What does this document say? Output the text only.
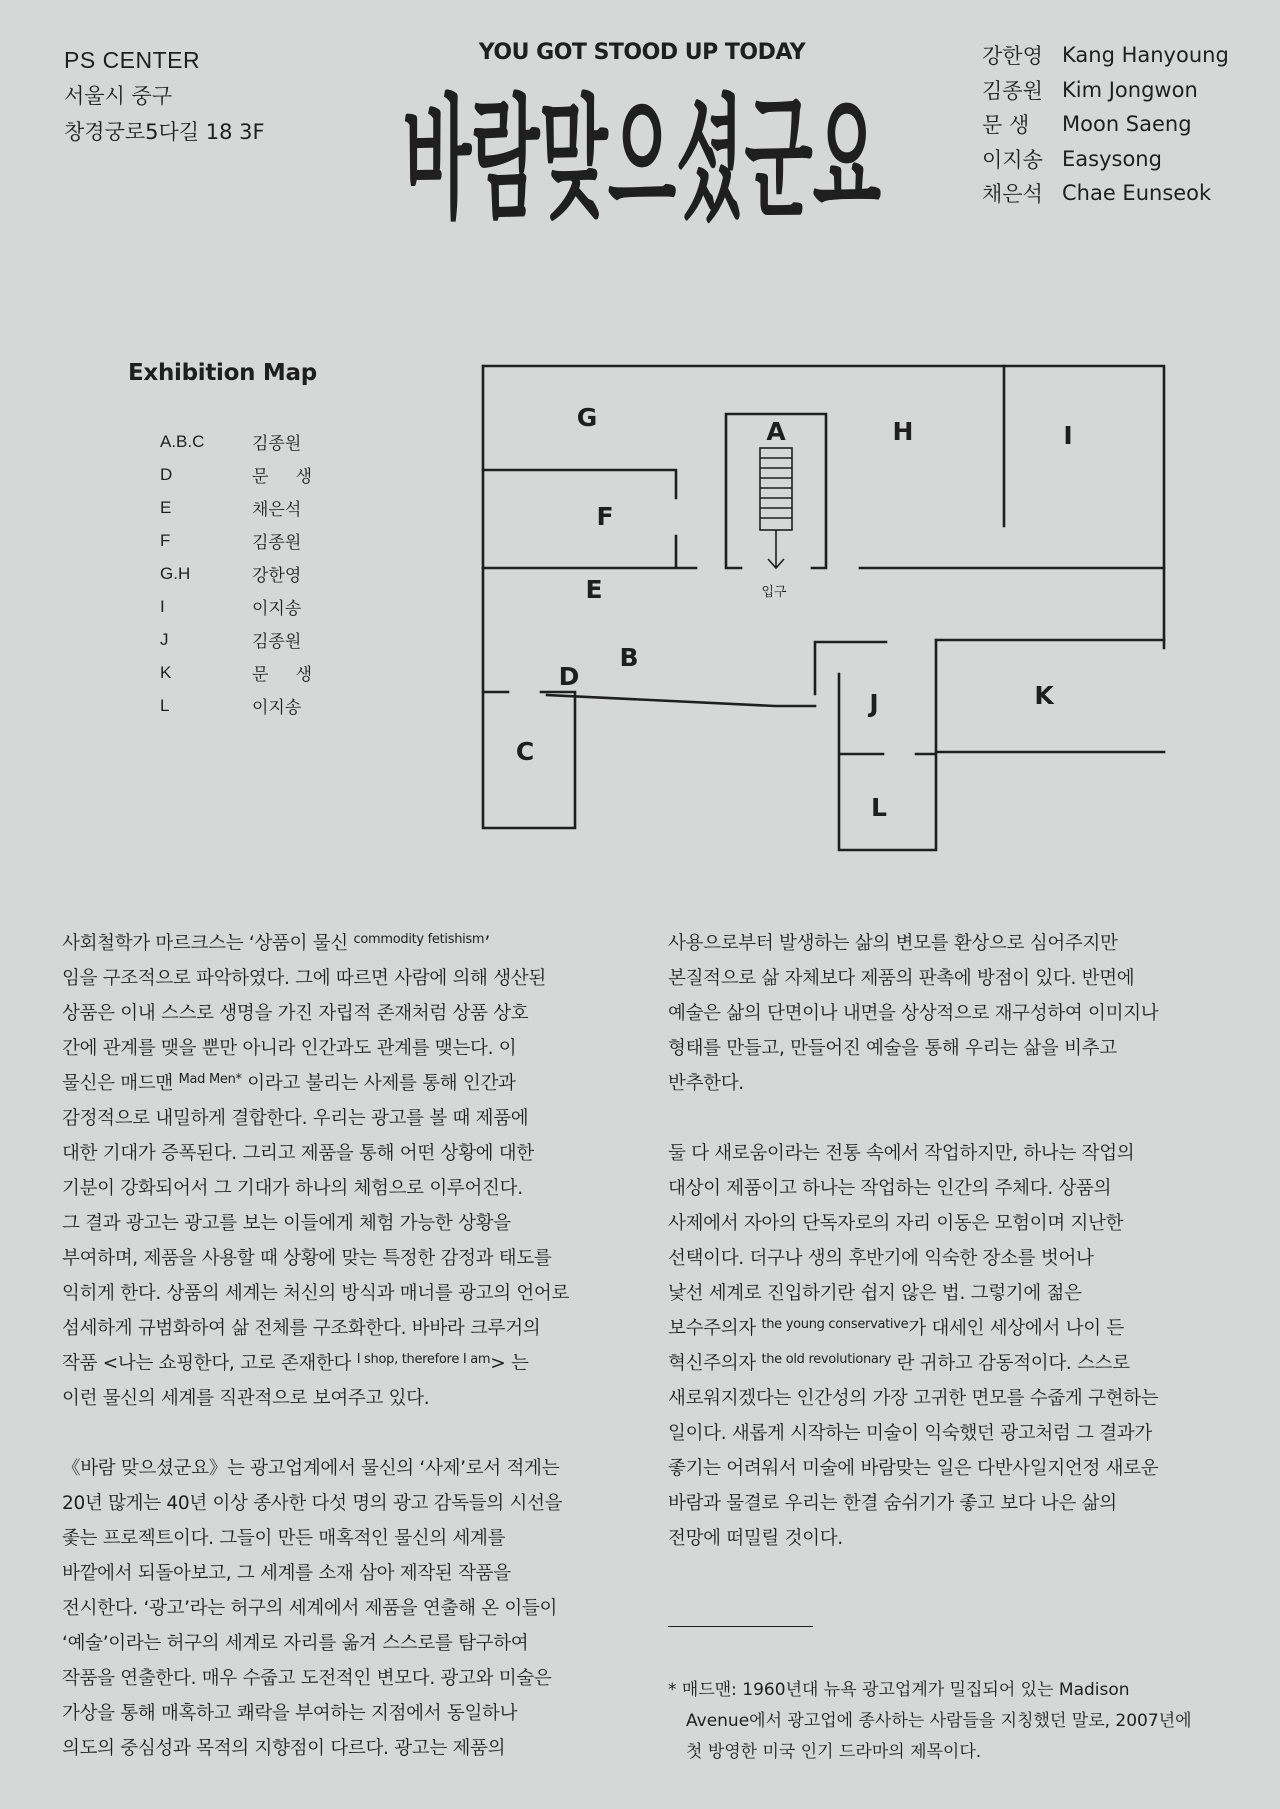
PS CENTER
서울시 중구
창경궁로5다길 18 3F
YOU GOT STOOD UP TODAY
바람맞으셨군요
강한영 Kang Hanyoung
김종원 Kim Jongwon
문 생	Moon Saeng
이지송 Easysong
채은석 Chae Eunseok
Exhibition Map
A.B.C	김종원
D	문 생
E	채은석
F	김종원
G.H	강한영
I	이지송
J	김종원
K	문 생
L	이지송
A
B
C
D
E
F
G	H	I
J	K
L
입구
사회철학가 마르크스는 ‘상품이 물신 $^{commodity fetishism}$’
임을 구조적으로 파악하였다. 그에 따르면 사람에 의해 생산된
상품은 이내 스스로 생명을 가진 자립적 존재처럼 상품 상호
간에 관계를 맺을 뿐만 아니라 인간과도 관계를 맺는다. 이
물신은 매드맨 $^{Mad Men*}$ 이라고 불리는 사제를 통해 인간과
감정적으로 내밀하게 결합한다. 우리는 광고를 볼 때 제품에
대한 기대가 증폭된다. 그리고 제품을 통해 어떤 상황에 대한
기분이 강화되어서 그 기대가 하나의 체험으로 이루어진다.
그 결과 광고는 광고를 보는 이들에게 체험 가능한 상황을
부여하며, 제품을 사용할 때 상황에 맞는 특정한 감정과 태도를
익히게 한다. 상품의 세계는 처신의 방식과 매너를 광고의 언어로
섬세하게 규범화하여 삶 전체를 구조화한다. 바바라 크루거의
작품 <나는 쇼핑한다, 고로 존재한다 $^{I shop, therefore I am}$> 는
이런 물신의 세계를 직관적으로 보여주고 있다.

《바람 맞으셨군요》는 광고업계에서 물신의 ‘사제’로서 적게는
20년 많게는 40년 이상 종사한 다섯 명의 광고 감독들의 시선을
좇는 프로젝트이다. 그들이 만든 매혹적인 물신의 세계를
바깥에서 되돌아보고, 그 세계를 소재 삼아 제작된 작품을
전시한다. ‘광고’라는 허구의 세계에서 제품을 연출해 온 이들이
‘예술’이라는 허구의 세계로 자리를 옮겨 스스로를 탐구하여
작품을 연출한다. 매우 수줍고 도전적인 변모다. 광고와 미술은
가상을 통해 매혹하고 쾌락을 부여하는 지점에서 동일하나
의도의 중심성과 목적의 지향점이 다르다. 광고는 제품의
사용으로부터 발생하는 삶의 변모를 환상으로 심어주지만
본질적으로 삶 자체보다 제품의 판촉에 방점이 있다. 반면에
예술은 삶의 단면이나 내면을 상상적으로 재구성하여 이미지나
형태를 만들고, 만들어진 예술을 통해 우리는 삶을 비추고
반추한다.

둘 다 새로움이라는 전통 속에서 작업하지만, 하나는 작업의
대상이 제품이고 하나는 작업하는 인간의 주체다. 상품의
사제에서 자아의 단독자로의 자리 이동은 모험이며 지난한
선택이다. 더구나 생의 후반기에 익숙한 장소를 벗어나
낯선 세계로 진입하기란 쉽지 않은 법. 그렇기에 젊은
보수주의자 $^{the young conservative}$가 대세인 세상에서 나이 든
혁신주의자 $^{the old revolutionary}$ 란 귀하고 감동적이다. 스스로
새로워지겠다는 인간성의 가장 고귀한 면모를 수줍게 구현하는
일이다. 새롭게 시작하는 미술이 익숙했던 광고처럼 그 결과가
좋기는 어려워서 미술에 바람맞는 일은 다반사일지언정 새로운
바람과 물결로 우리는 한결 숨쉬기가 좋고 보다 나은 삶의
전망에 떠밀릴 것이다.
* 매드맨: 1960년대 뉴욕 광고업계가 밀집되어 있는 Madison
Avenue에서 광고업에 종사하는 사람들을 지칭했던 말로, 2007년에
첫 방영한 미국 인기 드라마의 제목이다.
